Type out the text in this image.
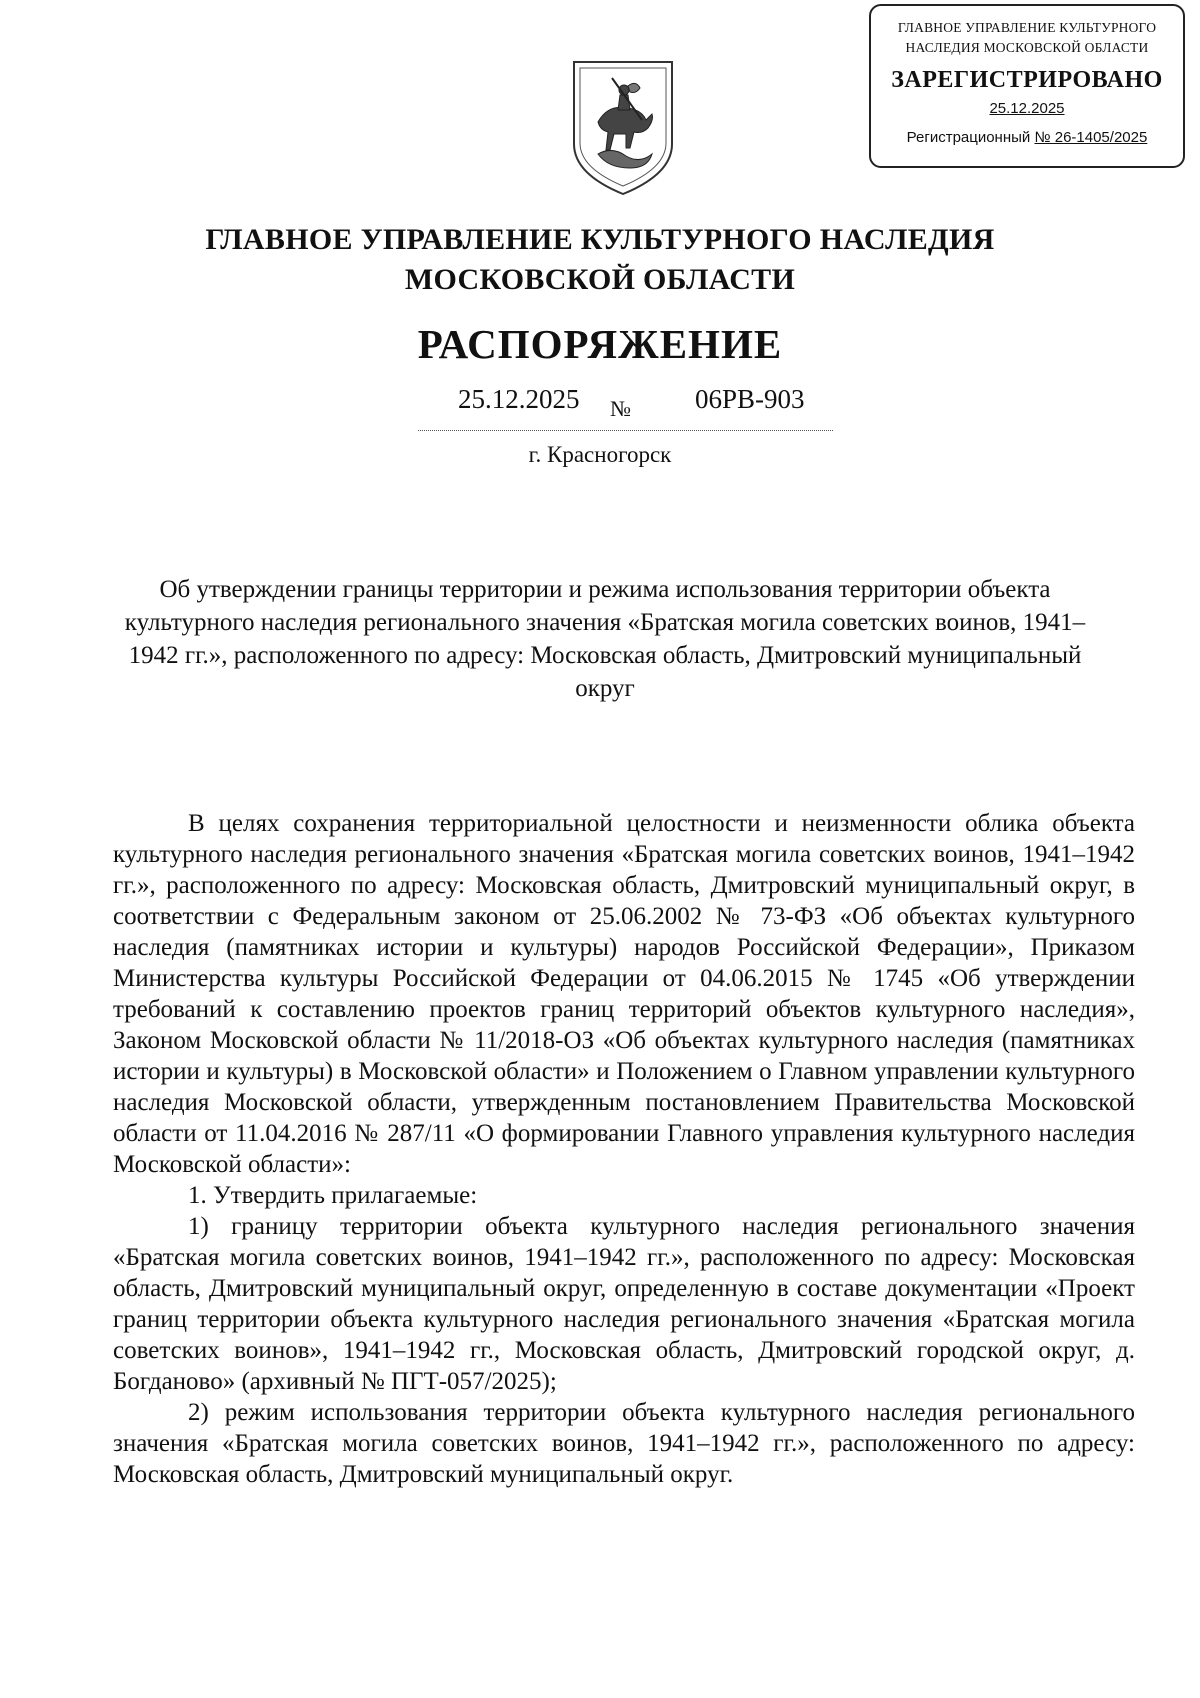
ГЛАВНОЕ УПРАВЛЕНИЕ КУЛЬТУРНОГО
НАСЛЕДИЯ МОСКОВСКОЙ ОБЛАСТИ
ЗАРЕГИСТРИРОВАНО
25.12.2025
Регистрационный № 26-1405/2025
ГЛАВНОЕ УПРАВЛЕНИЕ КУЛЬТУРНОГО НАСЛЕДИЯ
МОСКОВСКОЙ ОБЛАСТИ
РАСПОРЯЖЕНИЕ
25.12.2025 № 06РВ-903
г. Красногорск
Об утверждении границы территории и режима использования территории объекта культурного наследия регионального значения «Братская могила советских воинов, 1941–1942 гг.», расположенного по адресу: Московская область, Дмитровский муниципальный округ

В целях сохранения территориальной целостности и неизменности облика объекта культурного наследия регионального значения «Братская могила советских воинов, 1941–1942 гг.», расположенного по адресу: Московская область, Дмитровский муниципальный округ, в соответствии с Федеральным законом от 25.06.2002 № 73-ФЗ «Об объектах культурного наследия (памятниках истории и культуры) народов Российской Федерации», Приказом Министерства культуры Российской Федерации от 04.06.2015 № 1745 «Об утверждении требований к составлению проектов границ территорий объектов культурного наследия», Законом Московской области № 11/2018-ОЗ «Об объектах культурного наследия (памятниках истории и культуры) в Московской области» и Положением о Главном управлении культурного наследия Московской области, утвержденным постановлением Правительства Московской области от 11.04.2016 № 287/11 «О формировании Главного управления культурного наследия Московской области»:

1. Утвердить прилагаемые:

1) границу территории объекта культурного наследия регионального значения «Братская могила советских воинов, 1941–1942 гг.», расположенного по адресу: Московская область, Дмитровский муниципальный округ, определенную в составе документации «Проект границ территории объекта культурного наследия регионального значения «Братская могила советских воинов», 1941–1942 гг., Московская область, Дмитровский городской округ, д. Богданово» (архивный № ПГТ-057/2025);

2) режим использования территории объекта культурного наследия регионального значения «Братская могила советских воинов, 1941–1942 гг.», расположенного по адресу: Московская область, Дмитровский муниципальный округ.
